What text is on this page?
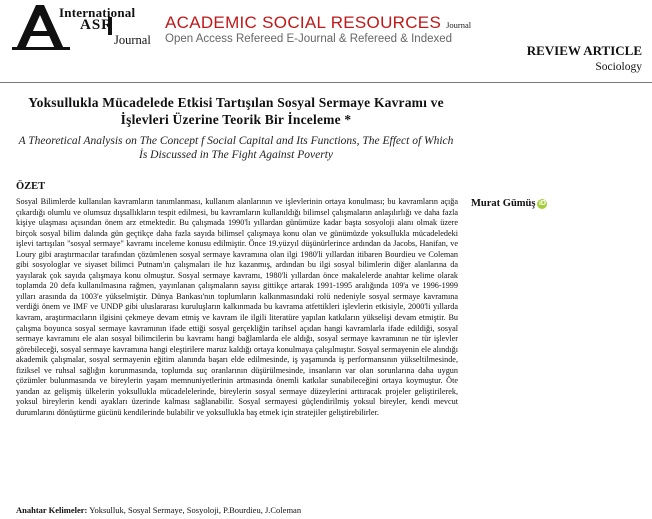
International
ASR
Journal
ACADEMIC SOCIAL RESOURCES Journal
Open Access Refereed E-Journal & Refereed & Indexed
REVIEW ARTICLE
Sociology
Yoksullukla Mücadelede Etkisi Tartışılan Sosyal Sermaye Kavramı ve İşlevleri Üzerine Teorik Bir İnceleme *
A Theoretical Analysis on The Concept f Social Capital and Its Functions, The Effect of Which İs Discussed in The Fight Against Poverty
ÖZET
Sosyal Bilimlerde kullanılan kavramların tanımlanması, kullanım alanlarının ve işlevlerinin ortaya konulması; bu kavramların açığa çıkardığı olumlu ve olumsuz dışsallıkların tespit edilmesi, bu kavramların kullanıldığı bilimsel çalışmaların anlaşılırlığı ve daha fazla kişiye ulaşması açısından önem arz etmektedir. Bu çalışmada 1990'lı yıllardan günümüze kadar başta sosyoloji alanı olmak üzere birçok sosyal bilim dalında gün geçtikçe daha fazla sayıda bilimsel çalışmaya konu olan ve günümüzde yoksullukla mücadeledeki işlevi tartışılan "sosyal sermaye" kavramı inceleme konusu edilmiştir. Önce 19.yüzyıl düşünürlerince ardından da Jacobs, Hanifan, ve Loury gibi araştırmacılar tarafından çözümlenen sosyal sermaye kavramına olan ilgi 1980'li yıllardan itibaren Bourdieu ve Coleman gibi sosyologlar ve siyaset bilimci Putnam'ın çalışmaları ile hız kazanmış, ardından bu ilgi sosyal bilimlerin diğer alanlarına da yayılarak çok sayıda çalışmaya konu olmuştur. Sosyal sermaye kavramı, 1980'li yıllardan önce makalelerde anahtar kelime olarak toplamda 20 defa kullanılmasına rağmen, yayınlanan çalışmaların sayısı gittikçe artarak 1991-1995 aralığında 109'a ve 1996-1999 yılları arasında da 1003'e yükselmiştir. Dünya Bankası'nın toplumların kalkınmasındaki rolü nedeniyle sosyal sermaye kavramına verdiği önem ve IMF ve UNDP gibi uluslararası kuruluşların kalkınmada bu kavrama atfettikleri işlevlerin etkisiyle, 2000'li yıllarda kavram, araştırmacıların ilgisini çekmeye devam etmiş ve kavram ile ilgili literatüre yapılan katkıların yükselişi devam etmiştir. Bu çalışma boyunca sosyal sermaye kavramının ifade ettiği sosyal gerçekliğin tarihsel açıdan hangi kavramlarla ifade edildiği, sosyal sermaye kavramını ele alan sosyal bilimcilerin bu kavramı hangi bağlamlarda ele aldığı, sosyal sermaye kavramının ne tür işlevler görebileceği, sosyal sermaye kavramına hangi eleştirilere maruz kaldığı ortaya konulmaya çalışılmıştır. Sosyal sermayenin ele alındığı akademik çalışmalar, sosyal sermayenin eğitim alanında başarı elde edilmesinde, iş yaşamında iş performansının yükseltilmesinde, fiziksel ve ruhsal sağlığın korunmasında, toplumda suç oranlarının düşürülmesinde, insanların var olan sorunlarına daha uygun çözümler bulunmasında ve bireylerin yaşam memnuniyetlerinin artmasında önemli katkılar sunabileceğini ortaya koymuştur. Öte yandan az gelişmiş ülkelerin yoksullukla mücadelelerinde, bireylerin sosyal sermaye düzeylerini arttıracak projeler geliştirilerek, yoksul bireylerin kendi ayakları üzerinde kalması sağlanabilir. Sosyal sermayesi güçlendirilmiş yoksul bireyler, kendi mevcut durumlarını dönüştürme gücünü kendilerinde bulabilir ve yoksullukla baş etmek için stratejiler geliştirebilirler.
Anahtar Kelimeler: Yoksulluk, Sosyal Sermaye, Sosyoloji, P.Bourdieu, J.Coleman
Murat Gümüş iD
